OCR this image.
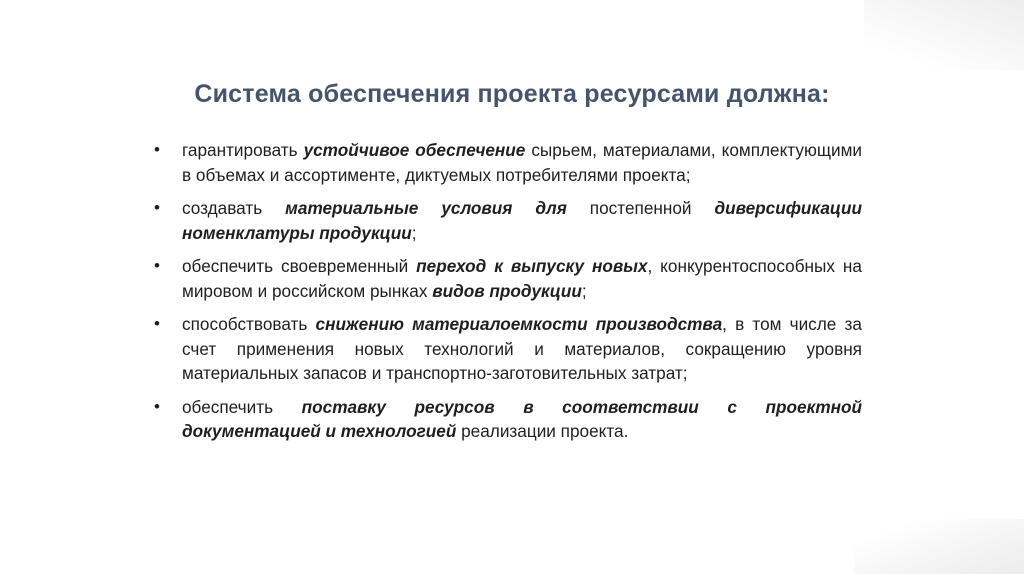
Система обеспечения проекта ресурсами должна:
• гарантировать устойчивое обеспечение сырьем, материалами, комплектующими в объемах и ассортименте, диктуемых потребителями проекта;
• создавать материальные условия для постепенной диверсификации номенклатуры продукции;
• обеспечить своевременный переход к выпуску новых, конкурентоспособных на мировом и российском рынках видов продукции;
• способствовать снижению материалоемкости производства, в том числе за счет применения новых технологий и материалов, сокращению уровня материальных запасов и транспортно-заготовительных затрат;
• обеспечить поставку ресурсов в соответствии с проектной документацией и технологией реализации проекта.
